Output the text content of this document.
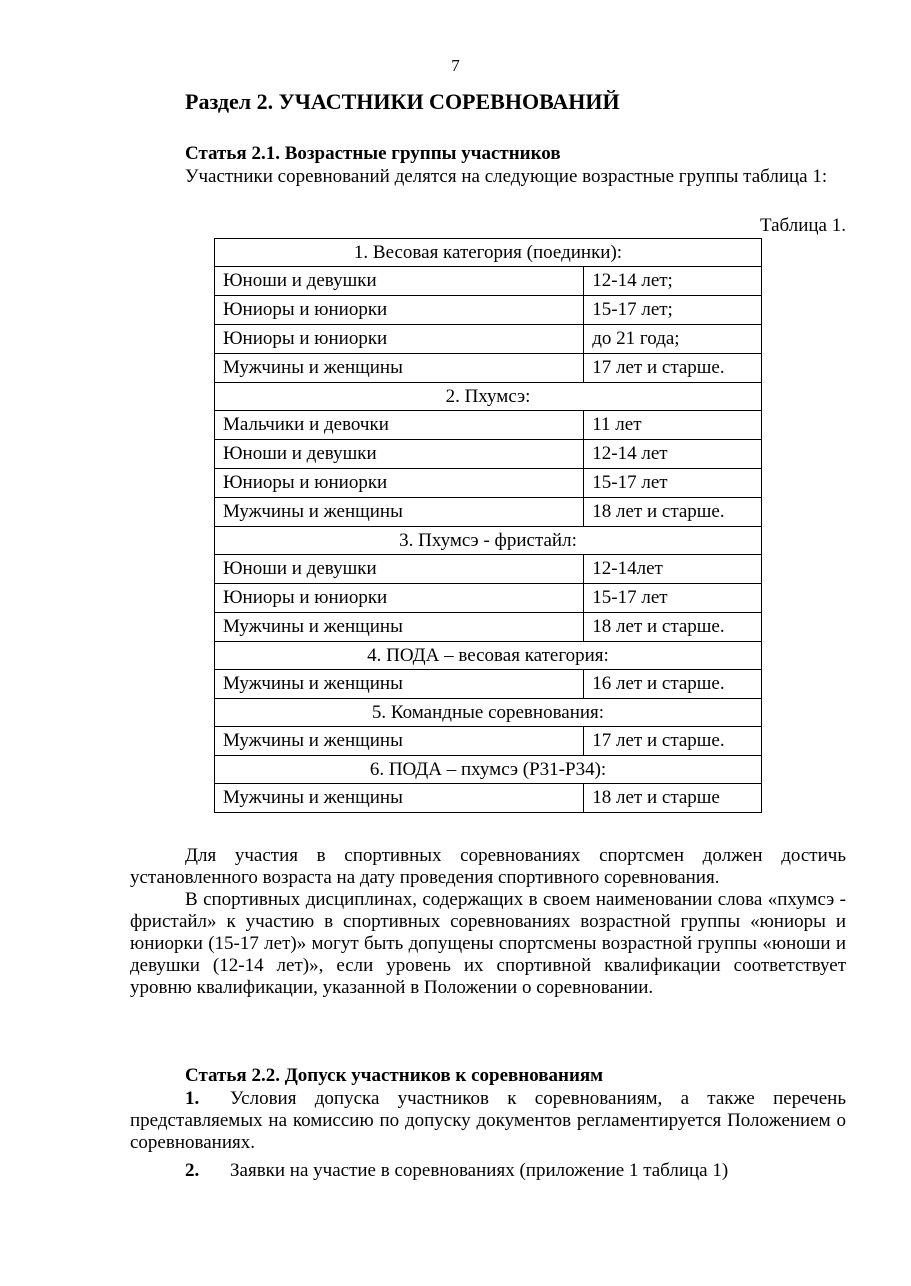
7
Раздел 2. УЧАСТНИКИ СОРЕВНОВАНИЙ
Статья 2.1. Возрастные группы участников
Участники соревнований делятся на следующие возрастные группы таблица 1:
Таблица 1.
1. Весовая категория (поединки):	
Юноши и девушки	12-14 лет;
Юниоры и юниорки	15-17 лет;
Юниоры и юниорки	до 21 года;
Мужчины и женщины	17 лет и старше.
2. Пхумсэ:	
Мальчики и девочки	11 лет
Юноши и девушки	12-14 лет
Юниоры и юниорки	15-17 лет
Мужчины и женщины	18 лет и старше.
3. Пхумсэ - фристайл:	
Юноши и девушки	12-14лет
Юниоры и юниорки	15-17 лет
Мужчины и женщины	18 лет и старше.
4. ПОДА – весовая категория:	
Мужчины и женщины	16 лет и старше.
5. Командные соревнования:	
Мужчины и женщины	17 лет и старше.
6. ПОДА – пхумсэ (P31-P34):	
Мужчины и женщины	18 лет и старше
Для участия в спортивных соревнованиях спортсмен должен достичь установленного возраста на дату проведения спортивного соревнования.
В спортивных дисциплинах, содержащих в своем наименовании слова «пхумсэ - фристайл» к участию в спортивных соревнованиях возрастной группы «юниоры и юниорки (15-17 лет)» могут быть допущены спортсмены возрастной группы «юноши и девушки (12-14 лет)», если уровень их спортивной квалификации соответствует уровню квалификации, указанной в Положении о соревновании.
Статья 2.2. Допуск участников к соревнованиям
1. Условия допуска участников к соревнованиям, а также перечень представляемых на комиссию по допуску документов регламентируется Положением о соревнованиях.
2. Заявки на участие в соревнованиях (приложение 1 таблица 1)
